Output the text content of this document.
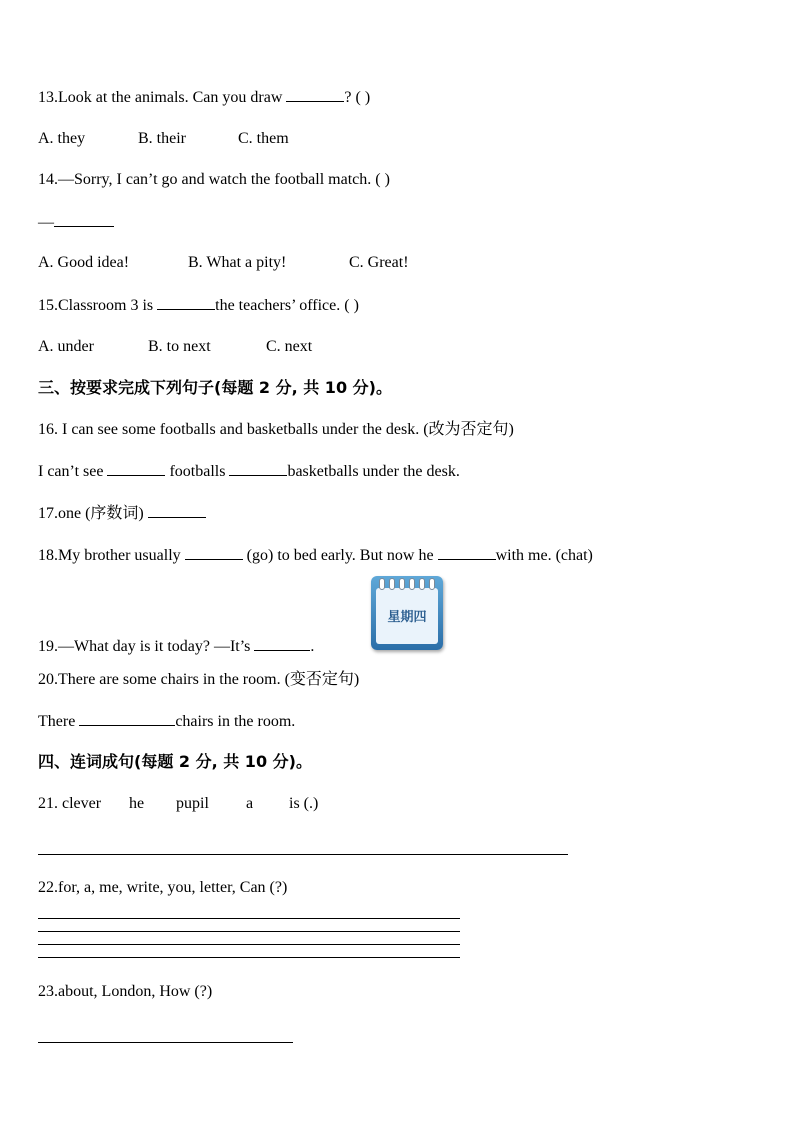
13.Look at the animals. Can you draw	? ( )
A. they	B. their	C. them
14.—Sorry, I can’t go and watch the football match. ( )
—
A. Good idea!	B. What a pity!	C. Great!
15.Classroom 3 is	the teachers’ office. ( )
A. under	B. to next	C. next
三、按要求完成下列句子(每题 2 分, 共 10 分)。
16. I can see some footballs and basketballs under the desk. (改为否定句)
I can’t see	footballs	basketballs under the desk.
17.one (序数词)
18.My brother usually	(go) to bed early. But now he	with me. (chat)
19.—What day is it today? —It’s	.
星期四
20.There are some chairs in the room. (变否定句)
There	chairs in the room.
四、连词成句(每题 2 分, 共 10 分)。
21. clever he pupil a is (.)
22.for, a, me, write, you, letter, Can (?)
23.about, London, How (?)
